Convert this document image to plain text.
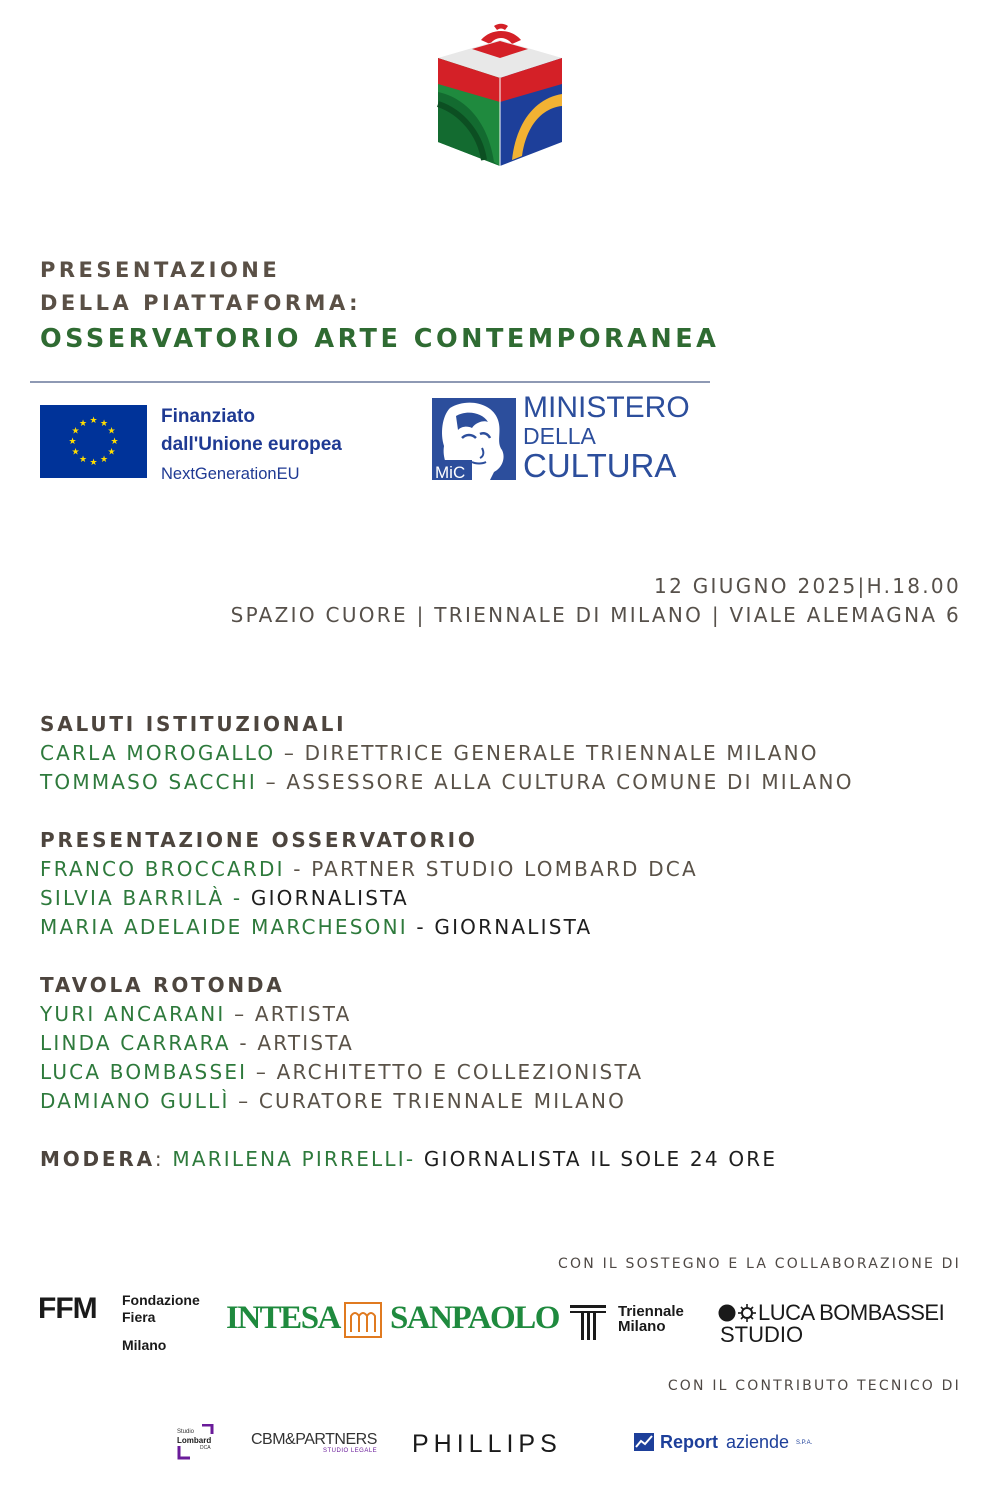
PRESENTAZIONE

DELLA PIATTAFORMA:

OSSERVATORIO ARTE CONTEMPORANEA

★ ★
★
★
★
★
★
★
★
★
★
★	Finanziato
dall'Unione europea
NextGenerationEU	MiC
MINISTERO
DELLA
CULTURA

12 GIUGNO 2025|H.18.00

SPAZIO CUORE | TRIENNALE DI MILANO | VIALE ALEMAGNA 6

SALUTI ISTITUZIONALI

CARLA MOROGALLO – DIRETTRICE GENERALE TRIENNALE MILANO

TOMMASO SACCHI – ASSESSORE ALLA CULTURA COMUNE DI MILANO

PRESENTAZIONE OSSERVATORIO

FRANCO BROCCARDI - PARTNER STUDIO LOMBARD DCA

SILVIA BARRILÀ - GIORNALISTA

MARIA ADELAIDE MARCHESONI - GIORNALISTA

TAVOLA ROTONDA

YURI ANCARANI – ARTISTA

LINDA CARRARA - ARTISTA

LUCA BOMBASSEI – ARCHITETTO E COLLEZIONISTA

DAMIANO GULLÌ – CURATORE TRIENNALE MILANO

MODERA: MARILENA PIRRELLI- GIORNALISTA IL SOLE 24 ORE

CON IL SOSTEGNO E LA COLLABORAZIONE DI

FFM Fondazione
Fiera
Milano
INTESA SANPAOLO	Triennale
Milano
LUCA BOMBASSEI
STUDIO

CON IL CONTRIBUTO TECNICO DI

Studio
Lombard
DCA	CBM&PARTNERS
STUDIO LEGALE PHILLIPS	Report aziende S.P.A.
